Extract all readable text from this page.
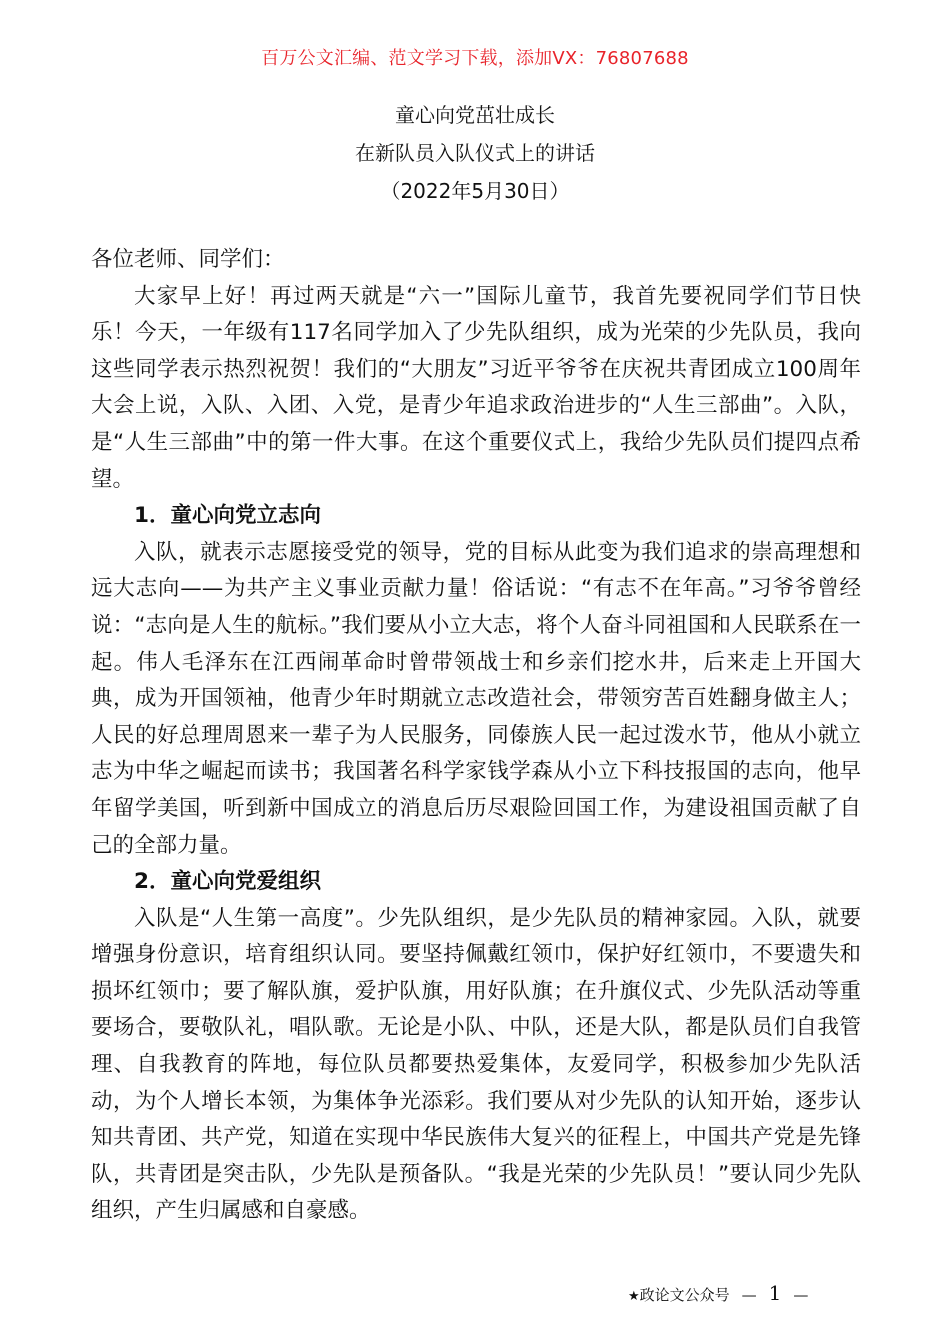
百万公文汇编、范文学习下载，添加VX：76807688
童心向党茁壮成长
在新队员入队仪式上的讲话
（2022年5月30日）

各位老师、同学们：

大家早上好！再过两天就是“六一”国际儿童节，我首先要祝同学们节日快乐！今天，一年级有117名同学加入了少先队组织，成为光荣的少先队员，我向这些同学表示热烈祝贺！我们的“大朋友”习近平爷爷在庆祝共青团成立100周年大会上说，入队、入团、入党，是青少年追求政治进步的“人生三部曲”。入队，是“人生三部曲”中的第一件大事。在这个重要仪式上，我给少先队员们提四点希望。

1．童心向党立志向

入队，就表示志愿接受党的领导，党的目标从此变为我们追求的崇高理想和远大志向——为共产主义事业贡献力量！俗话说：“有志不在年高。”习爷爷曾经说：“志向是人生的航标。”我们要从小立大志，将个人奋斗同祖国和人民联系在一起。伟人毛泽东在江西闹革命时曾带领战士和乡亲们挖水井，后来走上开国大典，成为开国领袖，他青少年时期就立志改造社会，带领穷苦百姓翻身做主人；人民的好总理周恩来一辈子为人民服务，同傣族人民一起过泼水节，他从小就立志为中华之崛起而读书；我国著名科学家钱学森从小立下科技报国的志向，他早年留学美国，听到新中国成立的消息后历尽艰险回国工作，为建设祖国贡献了自己的全部力量。

2．童心向党爱组织

入队是“人生第一高度”。少先队组织，是少先队员的精神家园。入队，就要增强身份意识，培育组织认同。要坚持佩戴红领巾，保护好红领巾，不要遗失和损坏红领巾；要了解队旗，爱护队旗，用好队旗；在升旗仪式、少先队活动等重要场合，要敬队礼，唱队歌。无论是小队、中队，还是大队，都是队员们自我管理、自我教育的阵地，每位队员都要热爱集体，友爱同学，积极参加少先队活动，为个人增长本领，为集体争光添彩。我们要从对少先队的认知开始，逐步认知共青团、共产党，知道在实现中华民族伟大复兴的征程上，中国共产党是先锋队，共青团是突击队，少先队是预备队。“我是光荣的少先队员！”要认同少先队组织，产生归属感和自豪感。

★政论文公众号 — 1 —
